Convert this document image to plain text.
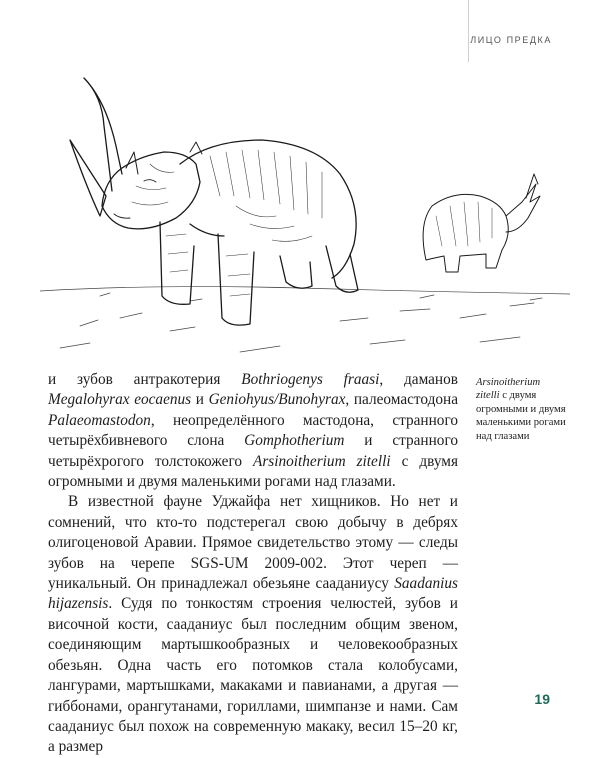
ЛИЦО ПРЕДКА

и зубов антракотерия Bothriogenys fraasi, даманов Megalohyrax eocaenus и Geniohyus/Bunohyrax, палеомастодона Palaeomastodon, неопределённого мастодона, странного четырёхбивневого слона Gomphotherium и странного четырёхрогого толстокожего Arsinoitherium zitelli с двумя огромными и двумя маленькими рогами над глазами.

В известной фауне Уджайфа нет хищников. Но нет и сомнений, что кто-то подстерегал свою добычу в дебрях олигоценовой Аравии. Прямое свидетельство этому — следы зубов на черепе SGS-UM 2009-002. Этот череп — уникальный. Он принадлежал обезьяне сааданиусу Saadanius hijazensis. Судя по тонкостям строения челюстей, зубов и височной кости, сааданиус был последним общим звеном, соединяющим мартышкообразных и человекообразных обезьян. Одна часть его потомков стала колобусами, лангурами, мартышками, макаками и павианами, а другая — гиббонами, орангутанами, гориллами, шимпанзе и нами. Сам сааданиус был похож на современную макаку, весил 15–20 кг, а размер

Arsinoitherium
zitelli с двумя огромными и двумя маленькими рогами над глазами
19
